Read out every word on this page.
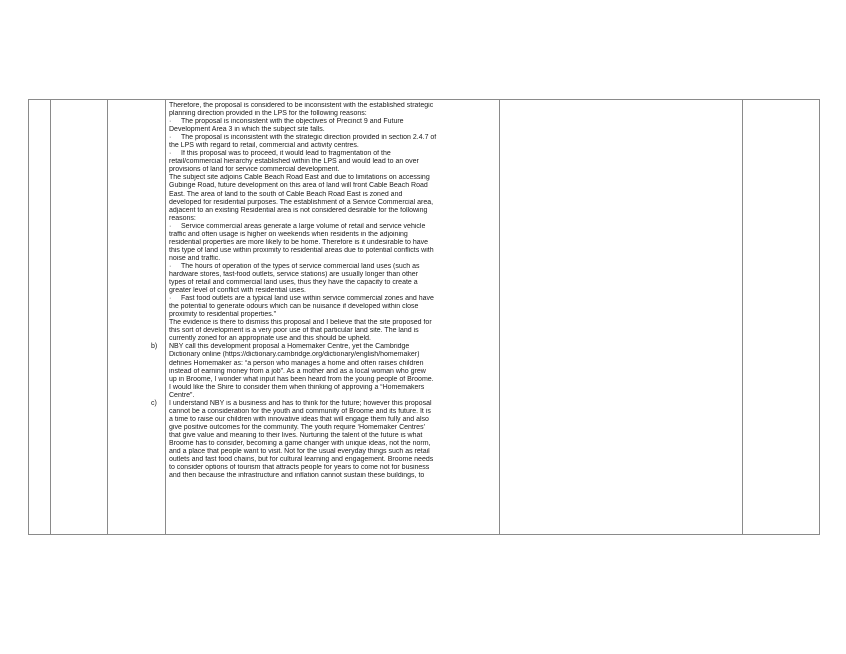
Therefore, the proposal is considered to be inconsistent with the established strategic
planning direction provided in the LPS for the following reasons:
· The proposal is inconsistent with the objectives of Precinct 9 and Future
Development Area 3 in which the subject site falls.
· The proposal is inconsistent with the strategic direction provided in section 2.4.7 of
the LPS with regard to retail, commercial and activity centres.
· If this proposal was to proceed, it would lead to fragmentation of the
retail/commercial hierarchy established within the LPS and would lead to an over
provisions of land for service commercial development.
The subject site adjoins Cable Beach Road East and due to limitations on accessing
Gubinge Road, future development on this area of land will front Cable Beach Road
East. The area of land to the south of Cable Beach Road East is zoned and
developed for residential purposes. The establishment of a Service Commercial area,
adjacent to an existing Residential area is not considered desirable for the following
reasons:
· Service commercial areas generate a large volume of retail and service vehicle
traffic and often usage is higher on weekends when residents in the adjoining
residential properties are more likely to be home. Therefore is it undesirable to have
this type of land use within proximity to residential areas due to potential conflicts with
noise and traffic.
· The hours of operation of the types of service commercial land uses (such as
hardware stores, fast-food outlets, service stations) are usually longer than other
types of retail and commercial land uses, thus they have the capacity to create a
greater level of conflict with residential uses.
· Fast food outlets are a typical land use within service commercial zones and have
the potential to generate odours which can be nuisance if developed within close
proximity to residential properties."
The evidence is there to dismiss this proposal and I believe that the site proposed for
this sort of development is a very poor use of that particular land site. The land is
currently zoned for an appropriate use and this should be upheld.
b) NBY call this development proposal a Homemaker Centre, yet the Cambridge
Dictionary online (https://dictionary.cambridge.org/dictionary/english/homemaker)
defines Homemaker as: “a person who manages a home and often raises children
instead of earning money from a job”. As a mother and as a local woman who grew
up in Broome, I wonder what input has been heard from the young people of Broome.
I would like the Shire to consider them when thinking of approving a “Homemakers
Centre”.
c) I understand NBY is a business and has to think for the future; however this proposal
cannot be a consideration for the youth and community of Broome and its future. It is
a time to raise our children with innovative ideas that will engage them fully and also
give positive outcomes for the community. The youth require ‘Homemaker Centres’
that give value and meaning to their lives. Nurturing the talent of the future is what
Broome has to consider, becoming a game changer with unique ideas, not the norm,
and a place that people want to visit. Not for the usual everyday things such as retail
outlets and fast food chains, but for cultural learning and engagement. Broome needs
to consider options of tourism that attracts people for years to come not for business
and then because the infrastructure and inflation cannot sustain these buildings, to
